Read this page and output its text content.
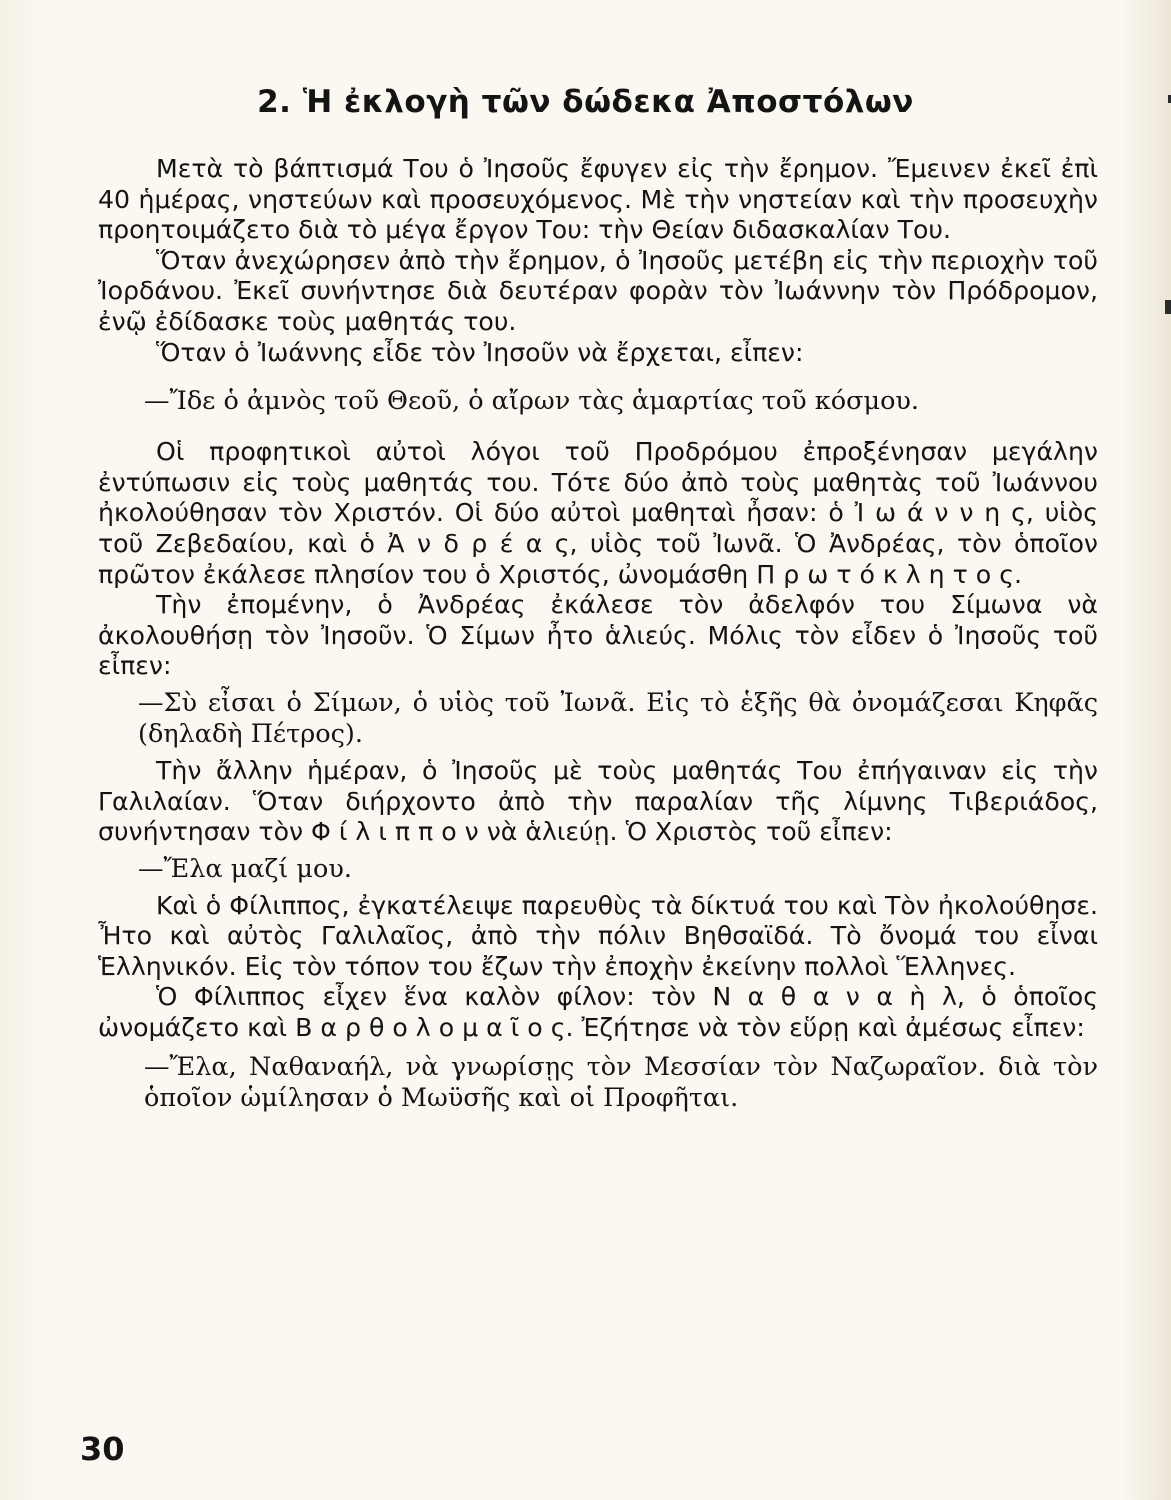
2. Ἡ ἐκλογὴ τῶν δώδεκα Ἀποστόλων

Μετὰ τὸ βάπτισμά Του ὁ Ἰησοῦς ἔφυγεν εἰς τὴν ἔρημον. Ἔμεινεν ἐκεῖ ἐπὶ 40 ἡμέρας, νηστεύων καὶ προσευχόμενος. Μὲ τὴν νηστείαν καὶ τὴν προσευχὴν προητοιμάζετο διὰ τὸ μέγα ἔργον Του: τὴν Θείαν διδασκαλίαν Του.

Ὅταν ἀνεχώρησεν ἀπὸ τὴν ἔρημον, ὁ Ἰησοῦς μετέβη εἰς τὴν περιοχὴν τοῦ Ἰορδάνου. Ἐκεῖ συνήντησε διὰ δευτέραν φορὰν τὸν Ἰωάννην τὸν Πρόδρομον, ἐνῷ ἐδίδασκε τοὺς μαθητάς του.

Ὅταν ὁ Ἰωάννης εἶδε τὸν Ἰησοῦν νὰ ἔρχεται, εἶπεν:

—Ἴδε ὁ ἀμνὸς τοῦ Θεοῦ, ὁ αἴρων τὰς ἁμαρτίας τοῦ κόσμου.

Οἱ προφητικοὶ αὐτοὶ λόγοι τοῦ Προδρόμου ἐπροξένησαν μεγάλην ἐντύπωσιν εἰς τοὺς μαθητάς του. Τότε δύο ἀπὸ τοὺς μαθητὰς τοῦ Ἰωάννου ἠκολούθησαν τὸν Χριστόν. Οἱ δύο αὐτοὶ μαθηταὶ ἦσαν: ὁ Ἰ ω ά ν ν η ς, υἱὸς τοῦ Ζεβεδαίου, καὶ ὁ Ἀ ν δ ρ έ α ς, υἱὸς τοῦ Ἰωνᾶ. Ὁ Ἀνδρέας, τὸν ὁποῖον πρῶτον ἐκάλεσε πλησίον του ὁ Χριστός, ὠνομάσθη Π ρ ω τ ό κ λ η τ ο ς.

Τὴν ἐπομένην, ὁ Ἀνδρέας ἐκάλεσε τὸν ἀδελφόν του Σίμωνα νὰ ἀκολουθήσῃ τὸν Ἰησοῦν. Ὁ Σίμων ἦτο ἁλιεύς. Μόλις τὸν εἶδεν ὁ Ἰησοῦς τοῦ εἶπεν:

—Σὺ εἶσαι ὁ Σίμων, ὁ υἱὸς τοῦ Ἰωνᾶ. Εἰς τὸ ἑξῆς θὰ ὀνομάζεσαι Κηφᾶς (δηλαδὴ Πέτρος).

Τὴν ἄλλην ἡμέραν, ὁ Ἰησοῦς μὲ τοὺς μαθητάς Του ἐπήγαιναν εἰς τὴν Γαλιλαίαν. Ὅταν διήρχοντο ἀπὸ τὴν παραλίαν τῆς λίμνης Τιβεριάδος, συνήντησαν τὸν Φ ί λ ι π π ο ν νὰ ἁλιεύῃ. Ὁ Χριστὸς τοῦ εἶπεν:

—Ἔλα μαζί μου.

Καὶ ὁ Φίλιππος, ἐγκατέλειψε παρευθὺς τὰ δίκτυά του καὶ Τὸν ἠκολούθησε. Ἦτο καὶ αὐτὸς Γαλιλαῖος, ἀπὸ τὴν πόλιν Βηθσαϊδά. Τὸ ὄνομά του εἶναι Ἑλληνικόν. Εἰς τὸν τόπον του ἔζων τὴν ἐποχὴν ἐκείνην πολλοὶ Ἕλληνες.

Ὁ Φίλιππος εἶχεν ἕνα καλὸν φίλον: τὸν Ν α θ α ν α ὴ λ, ὁ ὁποῖος ὠνομάζετο καὶ Β α ρ θ ο λ ο μ α ῖ ο ς. Ἐζήτησε νὰ τὸν εὕρῃ καὶ ἀμέσως εἶπεν:

—Ἔλα, Ναθαναήλ, νὰ γνωρίσῃς τὸν Μεσσίαν τὸν Ναζωραῖον. διὰ τὸν ὁποῖον ὡμίλησαν ὁ Μωϋσῆς καὶ οἱ Προφῆται.

30
